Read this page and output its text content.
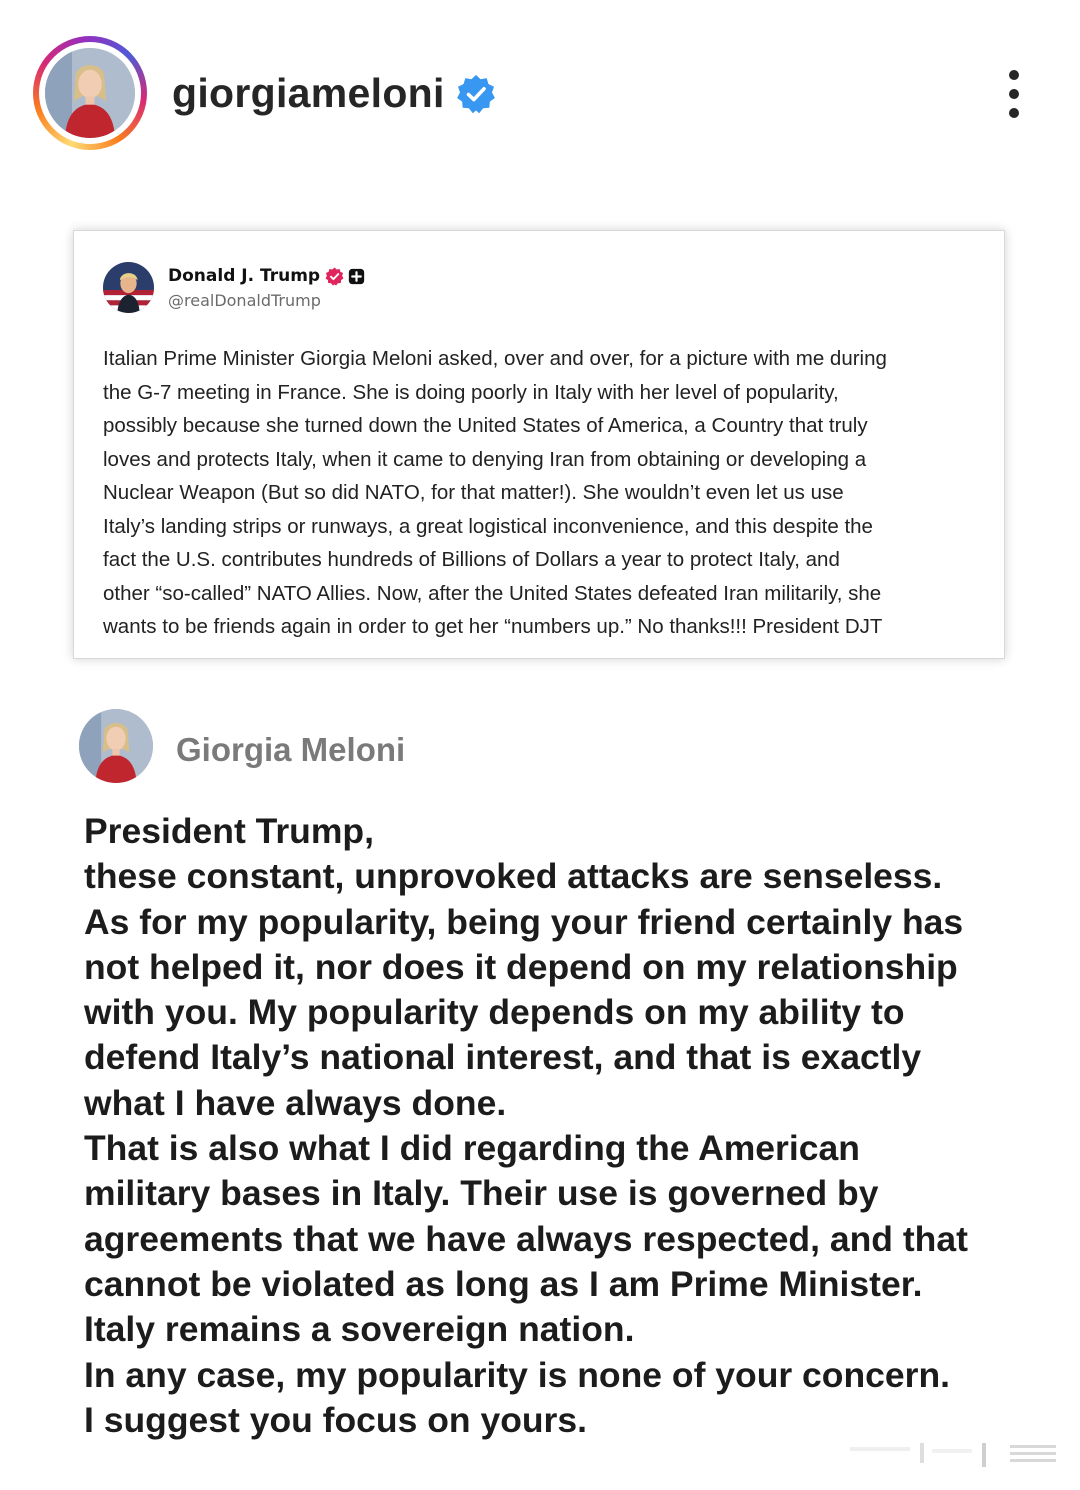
giorgiameloni
Donald J. Trump
@realDonaldTrump

Italian Prime Minister Giorgia Meloni asked, over and over, for a picture with me during
the G-7 meeting in France. She is doing poorly in Italy with her level of popularity,
possibly because she turned down the United States of America, a Country that truly
loves and protects Italy, when it came to denying Iran from obtaining or developing a
Nuclear Weapon (But so did NATO, for that matter!). She wouldn’t even let us use
Italy’s landing strips or runways, a great logistical inconvenience, and this despite the
fact the U.S. contributes hundreds of Billions of Dollars a year to protect Italy, and
other “so-called” NATO Allies. Now, after the United States defeated Iran militarily, she
wants to be friends again in order to get her “numbers up.” No thanks!!! President DJT

Giorgia Meloni

President Trump,
these constant, unprovoked attacks are senseless.
As for my popularity, being your friend certainly has
not helped it, nor does it depend on my relationship
with you. My popularity depends on my ability to
defend Italy’s national interest, and that is exactly
what I have always done.
That is also what I did regarding the American
military bases in Italy. Their use is governed by
agreements that we have always respected, and that
cannot be violated as long as I am Prime Minister.
Italy remains a sovereign nation.
In any case, my popularity is none of your concern.
I suggest you focus on yours.
